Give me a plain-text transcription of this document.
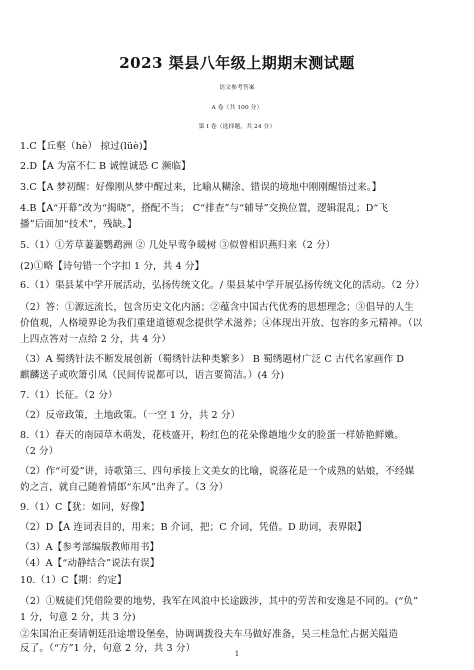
2023 渠县八年级上期期末测试题
语文参考答案
A 卷（共 100 分）
第 I 卷（选择题，共 24 分）
1.C【丘壑（hè） 掠过(lüè)】
2.D【A 为富不仁 B 诚惶诚恐 C 濒临】
3.C【A 梦初醒：好像刚从梦中醒过来，比喻从糊涂、错误的境地中刚刚醒悟过来。】
4.B【A“开幕”改为“揭晓”，搭配不当； C“排查”与“辅导”交换位置，逻辑混乱；D“飞
播”后面加“技术”，残缺。】
5.（1）①芳草萋萋鹦鹉洲 ② 几处早莺争暖树 ③似曾相识燕归来（2 分）
(2)①略【诗句错一个字扣 1 分，共 4 分】
6.（1）渠县某中学开展活动，弘扬传统文化。/ 渠县某中学开展弘扬传统文化的活动。（2 分）
（2）答：①源远流长，包含历史文化内涵；②蕴含中国古代优秀的思想理念；③倡导的人生
价值观，人格境界论为我们重建道德观念提供学术滋养；④体现出开放、包容的多元精神。（以
上四点答对一点给 2 分，共 4 分）
（3）A 蜀绣针法不断发展创新（蜀绣针法种类繁多） B 蜀绣题材广泛 C 古代名家画作 D
麒麟送子或吹箫引凤（民间传说都可以，语言要简洁。）(4 分)
7.（1）长征。（2 分）
（2）反帝政策，土地政策。（一空 1 分，共 2 分）
8.（1）春天的南园草木萌发，花枝盛开，粉红色的花朵像趟地少女的脸蛋一样娇艳鲜嫩。
（2 分）
（2）作“可爱”讲，诗歌第三、四句承接上文美女的比喻，说落花是一个成熟的姑娘，不经媒
妁之言，就自己随着情郎“东风”出奔了。（3 分）
9.（1）C【犹：如同，好像】
（2）D【A 连词表目的，用来；B 介词，把；C 介词，凭借。D 助词，表界限】
（3）A【参考部编版教师用书】
（4）A【“动静结合”说法有误】
10.（1）C【期：约定】
（2）①贼徒们凭借险要的地势，我军在风浪中长途跋涉，其中的劳苦和安逸是不同的。(“负”
1 分，句意 2 分，共 3 分)
②朱国治正奏请朝廷沿途增设堡垒，协调调拨役夫车马做好准备，吴三桂急忙占据关隘造
反了。（“方”1 分，句意 2 分，共 3 分）	1
